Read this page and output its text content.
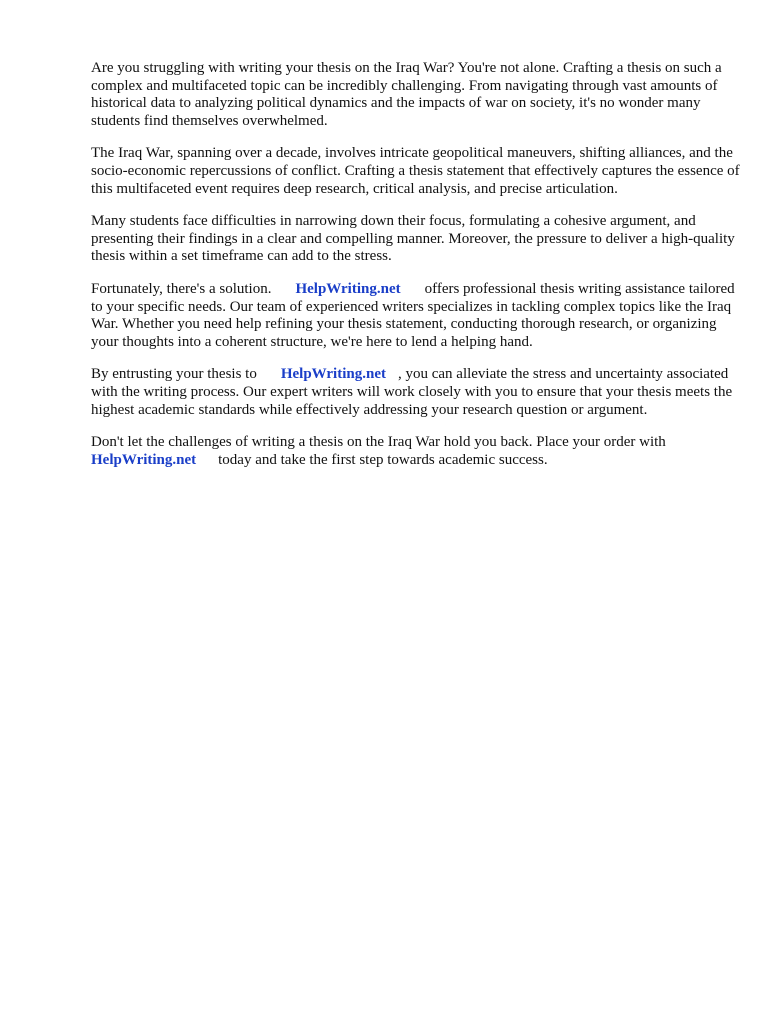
Are you struggling with writing your thesis on the Iraq War? You're not alone. Crafting a thesis on such a complex and multifaceted topic can be incredibly challenging. From navigating through vast amounts of historical data to analyzing political dynamics and the impacts of war on society, it's no wonder many students find themselves overwhelmed.

The Iraq War, spanning over a decade, involves intricate geopolitical maneuvers, shifting alliances, and the socio-economic repercussions of conflict. Crafting a thesis statement that effectively captures the essence of this multifaceted event requires deep research, critical analysis, and precise articulation.

Many students face difficulties in narrowing down their focus, formulating a cohesive argument, and presenting their findings in a clear and compelling manner. Moreover, the pressure to deliver a high-quality thesis within a set timeframe can add to the stress.

Fortunately, there's a solution. HelpWriting.net offers professional thesis writing assistance tailored to your specific needs. Our team of experienced writers specializes in tackling complex topics like the Iraq War. Whether you need help refining your thesis statement, conducting thorough research, or organizing your thoughts into a coherent structure, we're here to lend a helping hand.

By entrusting your thesis to HelpWriting.net , you can alleviate the stress and uncertainty associated with the writing process. Our expert writers will work closely with you to ensure that your thesis meets the highest academic standards while effectively addressing your research question or argument.

Don't let the challenges of writing a thesis on the Iraq War hold you back. Place your order with HelpWriting.net today and take the first step towards academic success.
